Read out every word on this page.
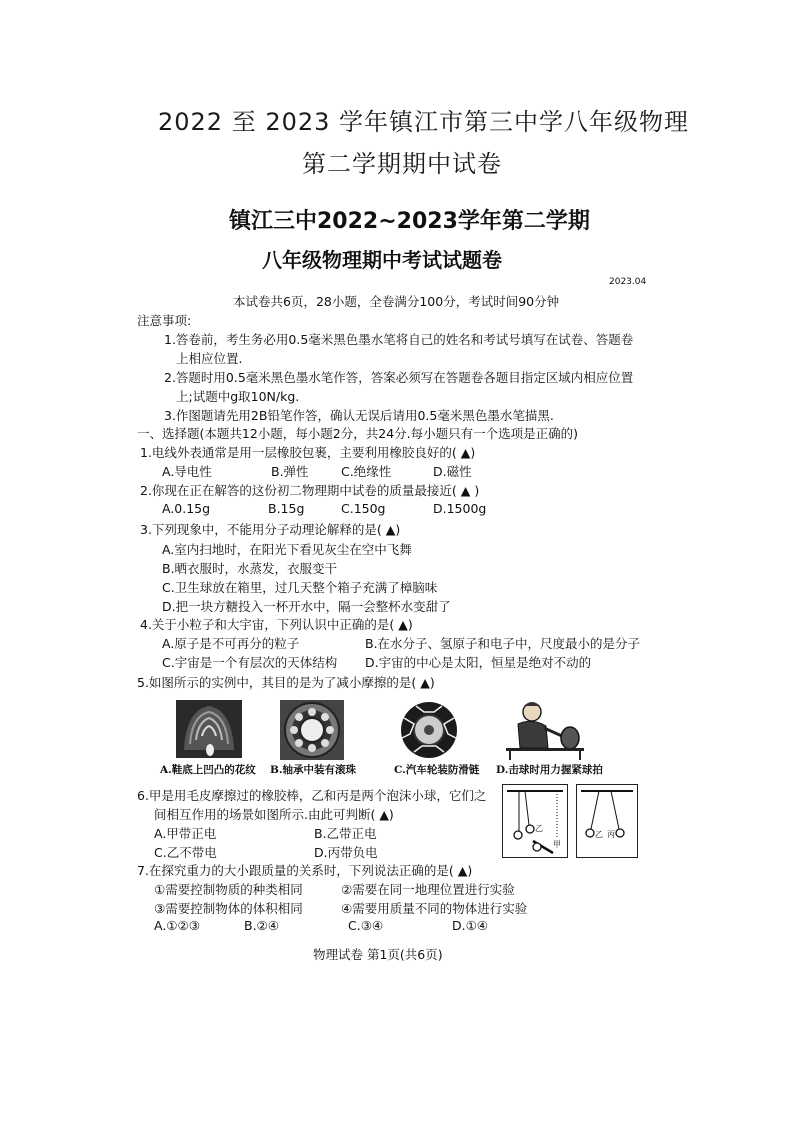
2022 至 2023 学年镇江市第三中学八年级物理
第二学期期中试卷
镇江三中2022~2023学年第二学期
八年级物理期中考试试题卷
2023.04
本试卷共6页，28小题，全卷满分100分，考试时间90分钟
注意事项:
1.答卷前，考生务必用0.5毫米黑色墨水笔将自己的姓名和考试号填写在试卷、答题卷
上相应位置.
2.答题时用0.5毫米黑色墨水笔作答，答案必须写在答题卷各题目指定区域内相应位置
上;试题中g取10N/kg.
3.作图题请先用2B铅笔作答，确认无误后请用0.5毫米黑色墨水笔描黑.
一、选择题(本题共12小题，每小题2分，共24分.每小题只有一个选项是正确的)
1.电线外表通常是用一层橡胶包裹，主要利用橡胶良好的( ▲)
A.导电性	B.弹性	C.绝缘性	D.磁性
2.你现在正在解答的这份初二物理期中试卷的质量最接近( ▲ )
A.0.15g	B.15g	C.150g	D.1500g
3.下列现象中，不能用分子动理论解释的是( ▲)
A.室内扫地时，在阳光下看见灰尘在空中飞舞
B.晒衣服时，水蒸发，衣服变干
C.卫生球放在箱里，过几天整个箱子充满了樟脑味
D.把一块方糖投入一杯开水中，隔一会整杯水变甜了
4.关于小粒子和大宇宙，下列认识中正确的是( ▲)
A.原子是不可再分的粒子	B.在水分子、氢原子和电子中，尺度最小的是分子
C.宇宙是一个有层次的天体结构 D.宇宙的中心是太阳，恒星是绝对不动的
5.如图所示的实例中，其目的是为了减小摩擦的是( ▲)
A.鞋底上凹凸的花纹 B.轴承中装有滚珠	C.汽车轮装防滑链 D.击球时用力握紧球拍
6.甲是用毛皮摩擦过的橡胶棒，乙和丙是两个泡沫小球，它们之
间相互作用的场景如图所示.由此可判断( ▲)
A.甲带正电	B.乙带正电
C.乙不带电	D.丙带负电
乙
甲
乙 丙
7.在探究重力的大小跟质量的关系时，下列说法正确的是( ▲)
①需要控制物质的种类相同	②需要在同一地理位置进行实验
③需要控制物体的体积相同	④需要用质量不同的物体进行实验
A.①②③	B.②④	C.③④	D.①④
物理试卷 第1页(共6页)
